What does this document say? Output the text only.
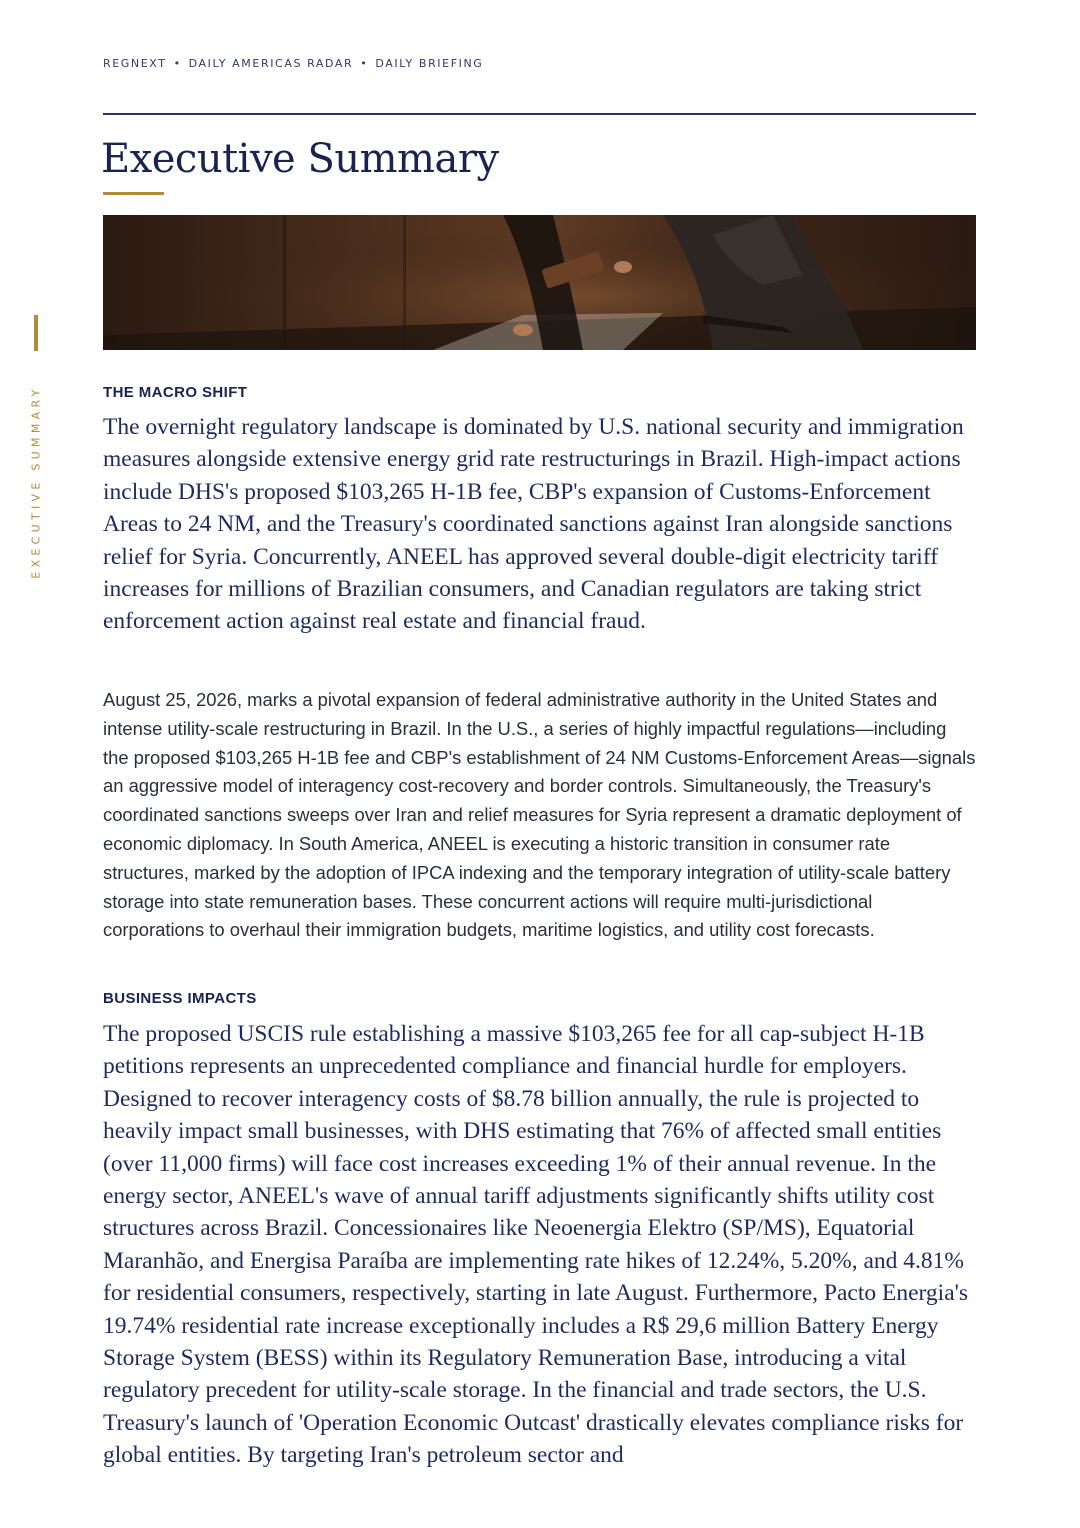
REGNEXT • DAILY AMERICAS RADAR • DAILY BRIEFING
Executive Summary
EXECUTIVE SUMMARY	THE MACRO SHIFT

The overnight regulatory landscape is dominated by U.S. national security and immigration measures alongside extensive energy grid rate restructurings in Brazil. High-impact actions include DHS's proposed $103,265 H-1B fee, CBP's expansion of Customs-Enforcement Areas to 24 NM, and the Treasury's coordinated sanctions against Iran alongside sanctions relief for Syria. Concurrently, ANEEL has approved several double-digit electricity tariff increases for millions of Brazilian consumers, and Canadian regulators are taking strict enforcement action against real estate and financial fraud.

August 25, 2026, marks a pivotal expansion of federal administrative authority in the United States and intense utility-scale restructuring in Brazil. In the U.S., a series of highly impactful regulations—including the proposed $103,265 H-1B fee and CBP's establishment of 24 NM Customs-Enforcement Areas—signals an aggressive model of interagency cost-recovery and border controls. Simultaneously, the Treasury's coordinated sanctions sweeps over Iran and relief measures for Syria represent a dramatic deployment of economic diplomacy. In South America, ANEEL is executing a historic transition in consumer rate structures, marked by the adoption of IPCA indexing and the temporary integration of utility-scale battery storage into state remuneration bases. These concurrent actions will require multi-jurisdictional corporations to overhaul their immigration budgets, maritime logistics, and utility cost forecasts.

BUSINESS IMPACTS

The proposed USCIS rule establishing a massive $103,265 fee for all cap-subject H-1B petitions represents an unprecedented compliance and financial hurdle for employers. Designed to recover interagency costs of $8.78 billion annually, the rule is projected to heavily impact small businesses, with DHS estimating that 76% of affected small entities (over 11,000 firms) will face cost increases exceeding 1% of their annual revenue. In the energy sector, ANEEL's wave of annual tariff adjustments significantly shifts utility cost structures across Brazil. Concessionaires like Neoenergia Elektro (SP/MS), Equatorial Maranhão, and Energisa Paraíba are implementing rate hikes of 12.24%, 5.20%, and 4.81% for residential consumers, respectively, starting in late August. Furthermore, Pacto Energia's 19.74% residential rate increase exceptionally includes a R$ 29,6 million Battery Energy Storage System (BESS) within its Regulatory Remuneration Base, introducing a vital regulatory precedent for utility-scale storage. In the financial and trade sectors, the U.S. Treasury's launch of 'Operation Economic Outcast' drastically elevates compliance risks for global entities. By targeting Iran's petroleum sector and
